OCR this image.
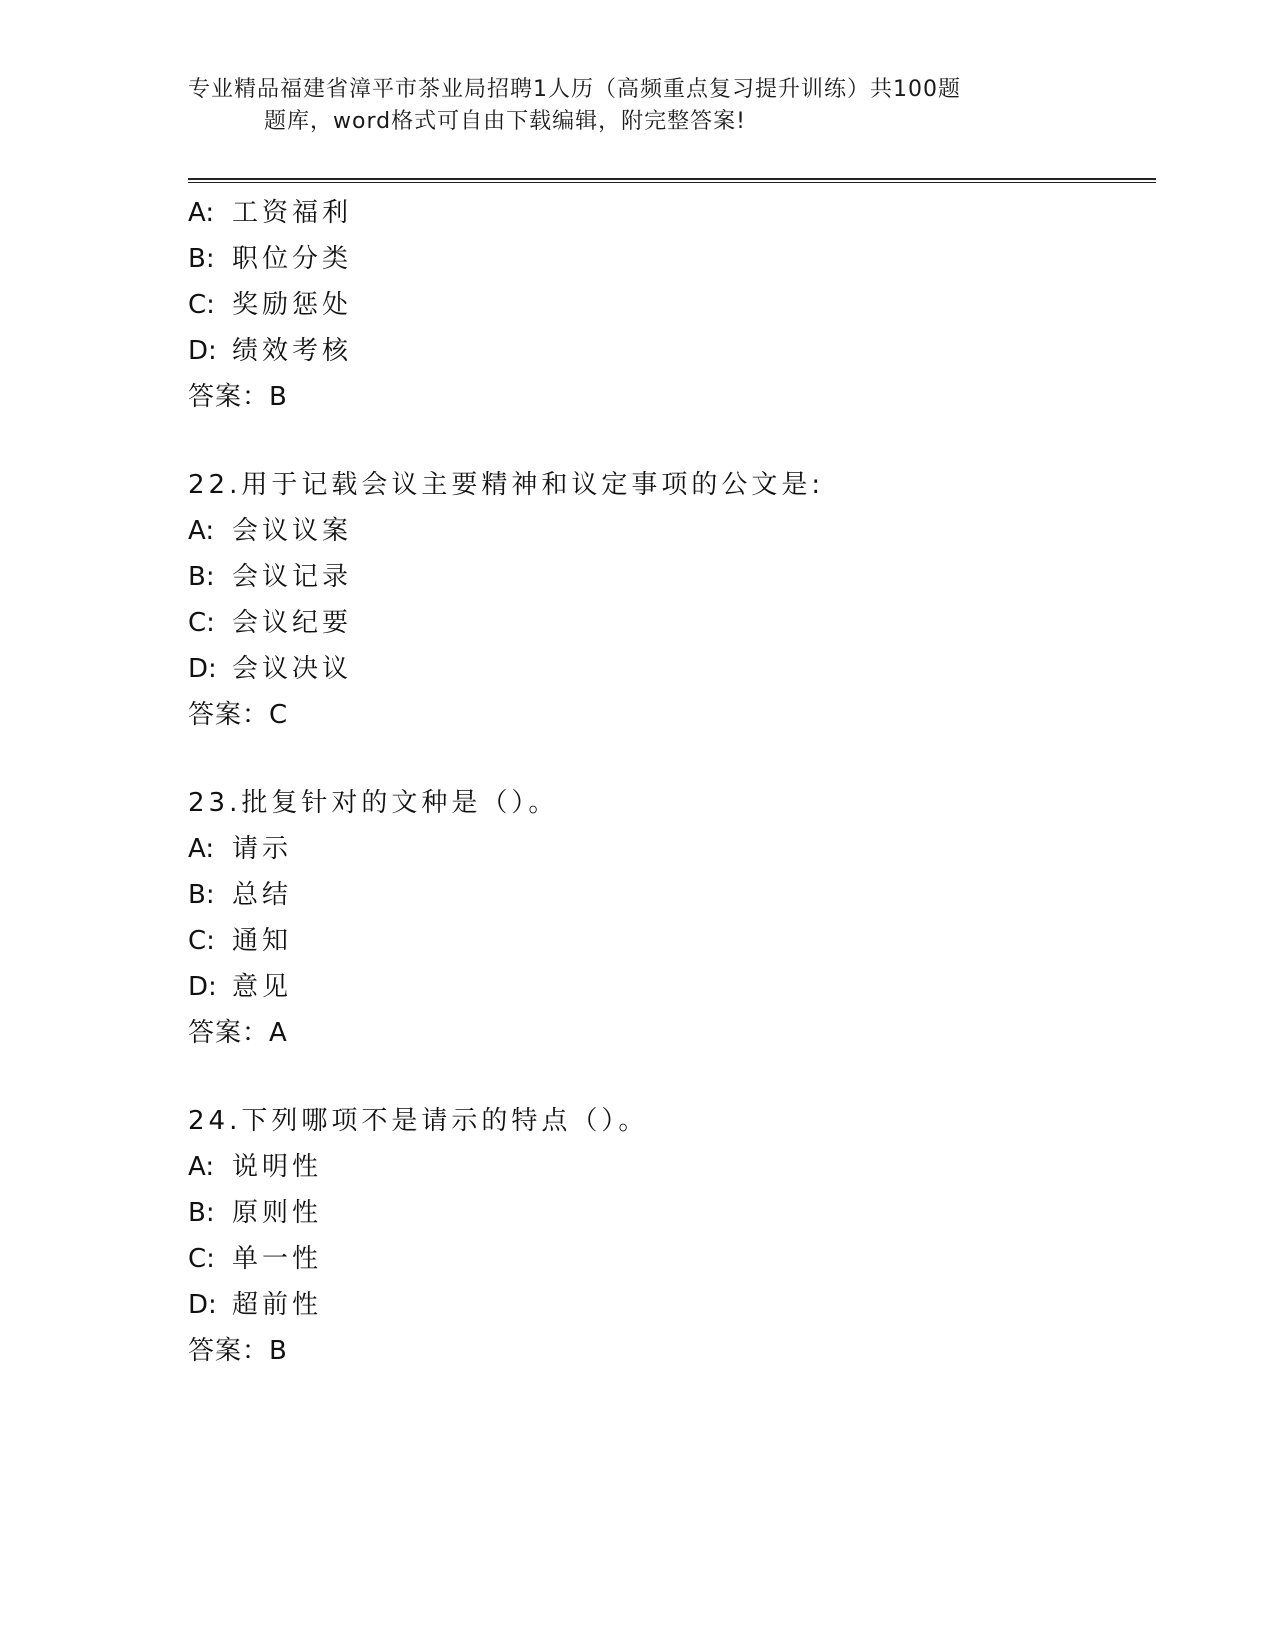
专业精品福建省漳平市茶业局招聘1人历（高频重点复习提升训练）共100题
题库，word格式可自由下载编辑，附完整答案!
A: 工资福利
B: 职位分类
C: 奖励惩处
D: 绩效考核
答案：B
22.用于记载会议主要精神和议定事项的公文是:
A: 会议议案
B: 会议记录
C: 会议纪要
D: 会议决议
答案：C
23.批复针对的文种是（）。
A: 请示
B: 总结
C: 通知
D: 意见
答案：A
24.下列哪项不是请示的特点（）。
A: 说明性
B: 原则性
C: 单一性
D: 超前性
答案：B
